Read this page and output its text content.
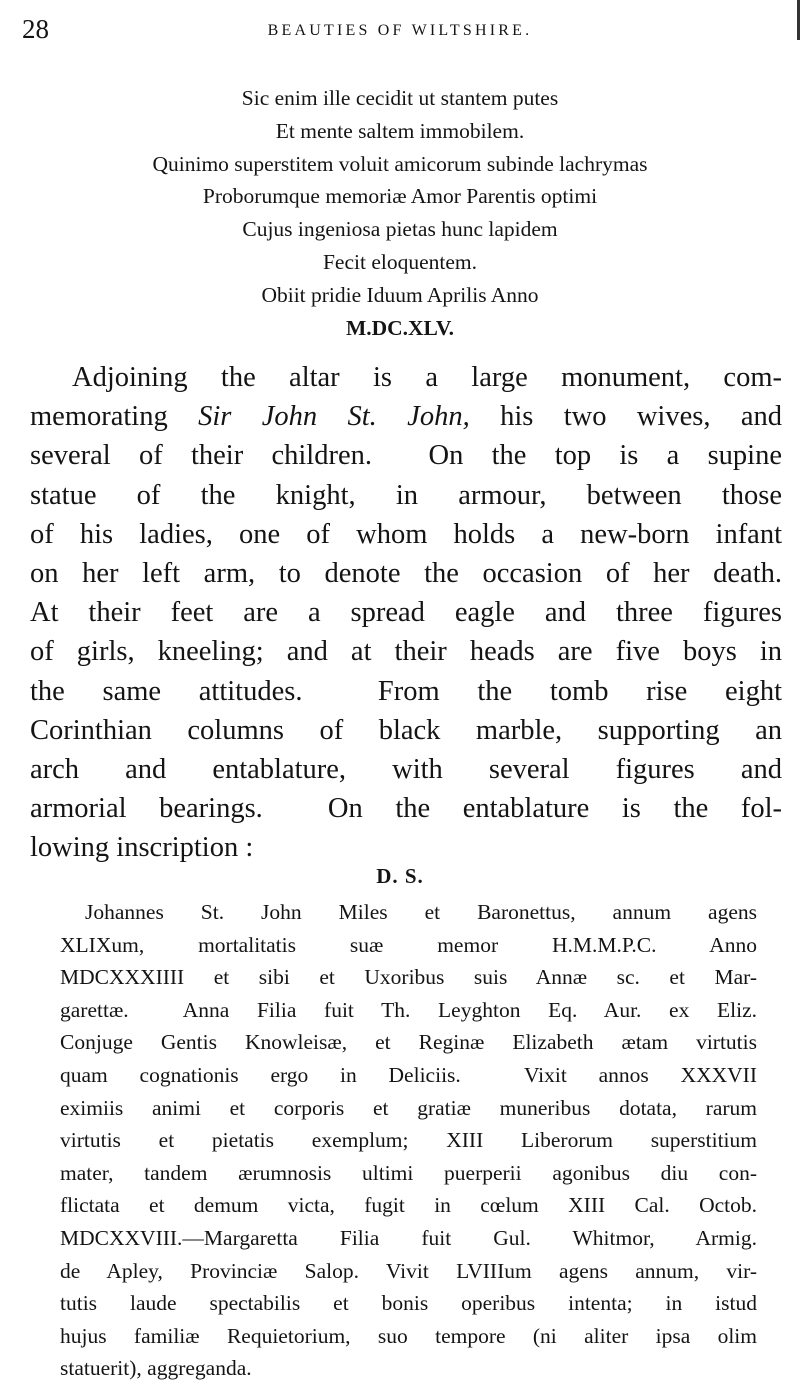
28	BEAUTIES OF WILTSHIRE.
Sic enim ille cecidit ut stantem putes
Et mente saltem immobilem.
Quinimo superstitem voluit amicorum subinde lachrymas
Proborumque memoriæ Amor Parentis optimi
Cujus ingeniosa pietas hunc lapidem
Fecit eloquentem.
Obiit pridie Iduum Aprilis Anno
M.DC.XLV.
Adjoining the altar is a large monument, com-
memorating Sir John St. John, his two wives, and
several of their children.  On the top is a supine
statue of the knight, in armour, between those
of his ladies, one of whom holds a new-born infant
on her left arm, to denote the occasion of her death.
At their feet are a spread eagle and three figures
of girls, kneeling; and at their heads are five boys in
the same attitudes.  From the tomb rise eight
Corinthian columns of black marble, supporting an
arch and entablature, with several figures and
armorial bearings.  On the entablature is the fol-
lowing inscription :
D. S.
Johannes St. John Miles et Baronettus, annum agens
XLIXum, mortalitatis suæ memor H.M.M.P.C. Anno
MDCXXXIIII et sibi et Uxoribus suis Annæ sc. et Mar-
garettæ.  Anna Filia fuit Th. Leyghton Eq. Aur. ex Eliz.
Conjuge Gentis Knowleisæ, et Reginæ Elizabeth ætam virtutis
quam cognationis ergo in Deliciis.  Vixit annos XXXVII
eximiis animi et corporis et gratiæ muneribus dotata, rarum
virtutis et pietatis exemplum; XIII Liberorum superstitium
mater, tandem ærumnosis ultimi puerperii agonibus diu con-
flictata et demum victa, fugit in cœlum XIII Cal. Octob.
MDCXXVIII.—Margaretta Filia fuit Gul. Whitmor, Armig.
de Apley, Provinciæ Salop. Vivit LVIIIum agens annum, vir-
tutis laude spectabilis et bonis operibus intenta; in istud
hujus familiæ Requietorium, suo tempore (ni aliter ipsa olim
statuerit), aggreganda.
